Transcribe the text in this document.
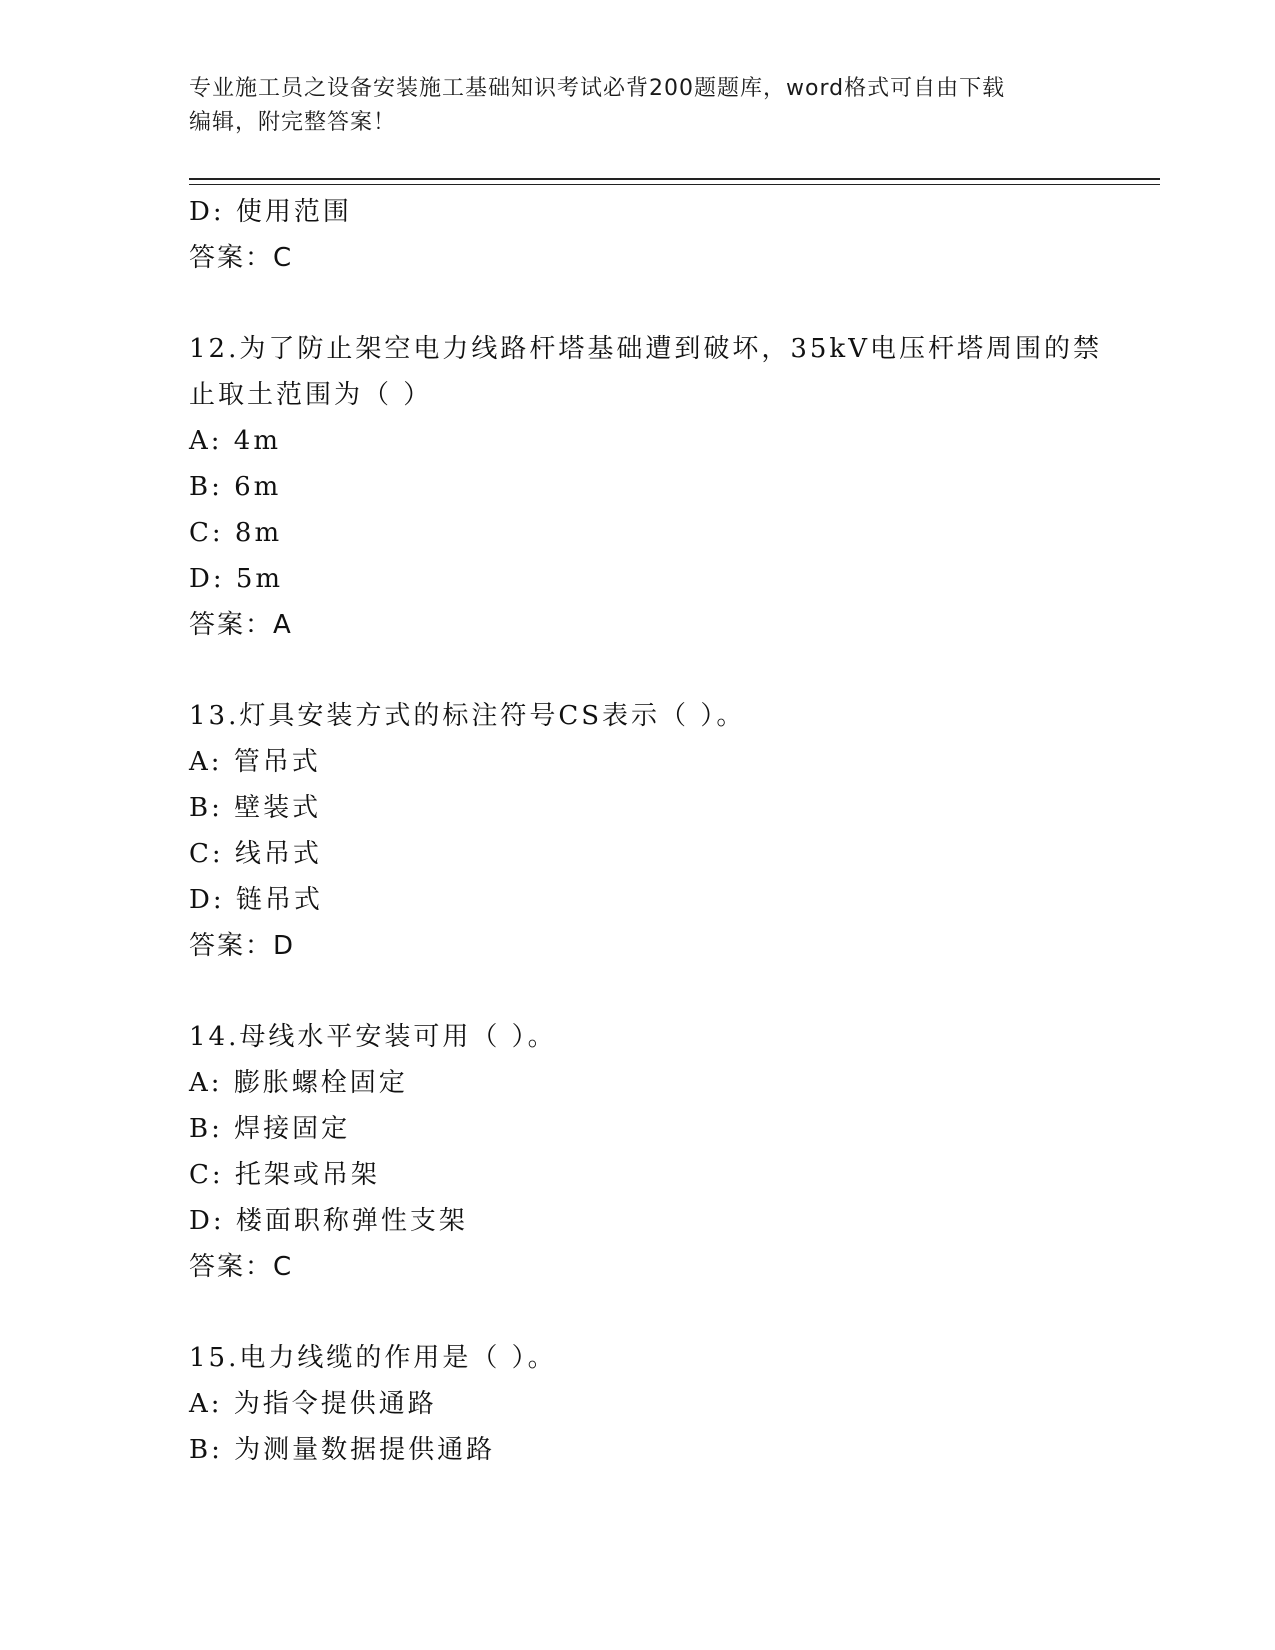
专业施工员之设备安装施工基础知识考试必背200题题库，word格式可自由下载
编辑，附完整答案！
D: 使用范围
答案：C
12.为了防止架空电力线路杆塔基础遭到破坏，35kV电压杆塔周围的禁
止取土范围为（ ）
A: 4m
B: 6m
C: 8m
D: 5m
答案：A
13.灯具安装方式的标注符号CS表示（ ）。
A: 管吊式
B: 壁装式
C: 线吊式
D: 链吊式
答案：D
14.母线水平安装可用（ ）。
A: 膨胀螺栓固定
B: 焊接固定
C: 托架或吊架
D: 楼面职称弹性支架
答案：C
15.电力线缆的作用是（ ）。
A: 为指令提供通路
B: 为测量数据提供通路
